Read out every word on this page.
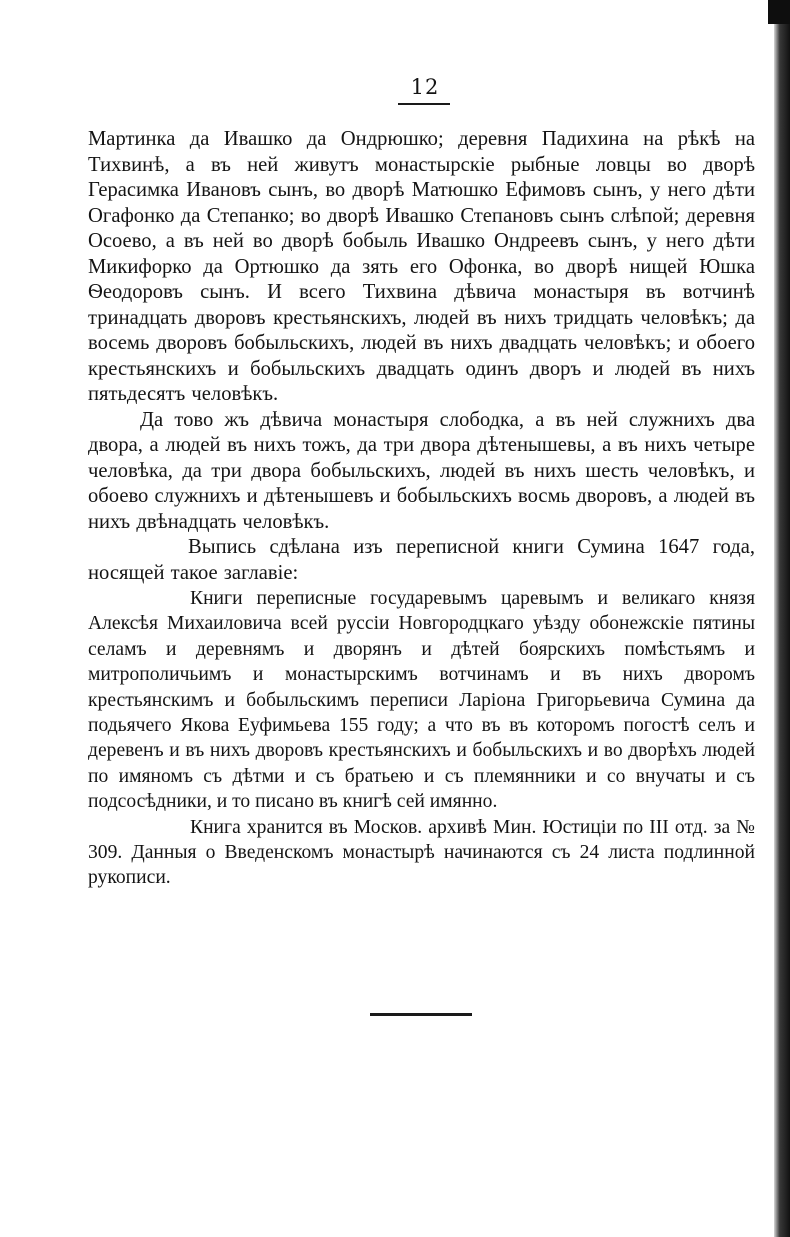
12

Мартинка да Ивашко да Ондрюшко; деревня Падихина на рѣкѣ на Тихвинѣ, а въ ней живутъ монастырскіе рыбные ловцы во дворѣ Герасимка Ивановъ сынъ, во дворѣ Матюшко Ефимовъ сынъ, у него дѣти Огафонко да Степанко; во дворѣ Ивашко Степановъ сынъ слѣпой; деревня Осоево, а въ ней во дворѣ бобыль Ивашко Ондреевъ сынъ, у него дѣти Микифорко да Ортюшко да зять его Офонка, во дворѣ нищей Юшка Ѳеодоровъ сынъ. И всего Тихвина дѣвича монастыря въ вотчинѣ тринадцать дворовъ крестьянскихъ, людей въ нихъ тридцать человѣкъ; да восемь дворовъ бобыльскихъ, людей въ нихъ двадцать человѣкъ; и обоего крестьянскихъ и бобыльскихъ двадцать одинъ дворъ и людей въ нихъ пятьдесятъ человѣкъ.

Да тово жъ дѣвича монастыря слободка, а въ ней служнихъ два двора, а людей въ нихъ тожъ, да три двора дѣтенышевы, а въ нихъ четыре человѣка, да три двора бобыльскихъ, людей въ нихъ шесть человѣкъ, и обоево служнихъ и дѣтенышевъ и бобыльскихъ восмь дворовъ, а людей въ нихъ двѣнадцать человѣкъ.

Выпись сдѣлана изъ переписной книги Сумина 1647 года, носящей такое заглавіе:

Книги переписные государевымъ царевымъ и великаго князя Алексѣя Михаиловича всей руссіи Новгородцкаго уѣзду обонежскіе пятины селамъ и деревнямъ и дворянъ и дѣтей боярскихъ помѣстьямъ и митрополичьимъ и монастырскимъ вотчинамъ и въ нихъ дворомъ крестьянскимъ и бобыльскимъ переписи Ларіона Григорьевича Сумина да подьячего Якова Еуфимьева 155 году; а что въ въ которомъ погостѣ селъ и деревенъ и въ нихъ дворовъ крестьянскихъ и бобыльскихъ и во дворѣхъ людей по имяномъ съ дѣтми и съ братьею и съ племянники и со внучаты и съ подсосѣдники, и то писано въ книгѣ сей имянно.

Книга хранится въ Москов. архивѣ Мин. Юстиціи по III отд. за № 309. Данныя о Введенскомъ монастырѣ начинаются съ 24 листа подлинной рукописи.
